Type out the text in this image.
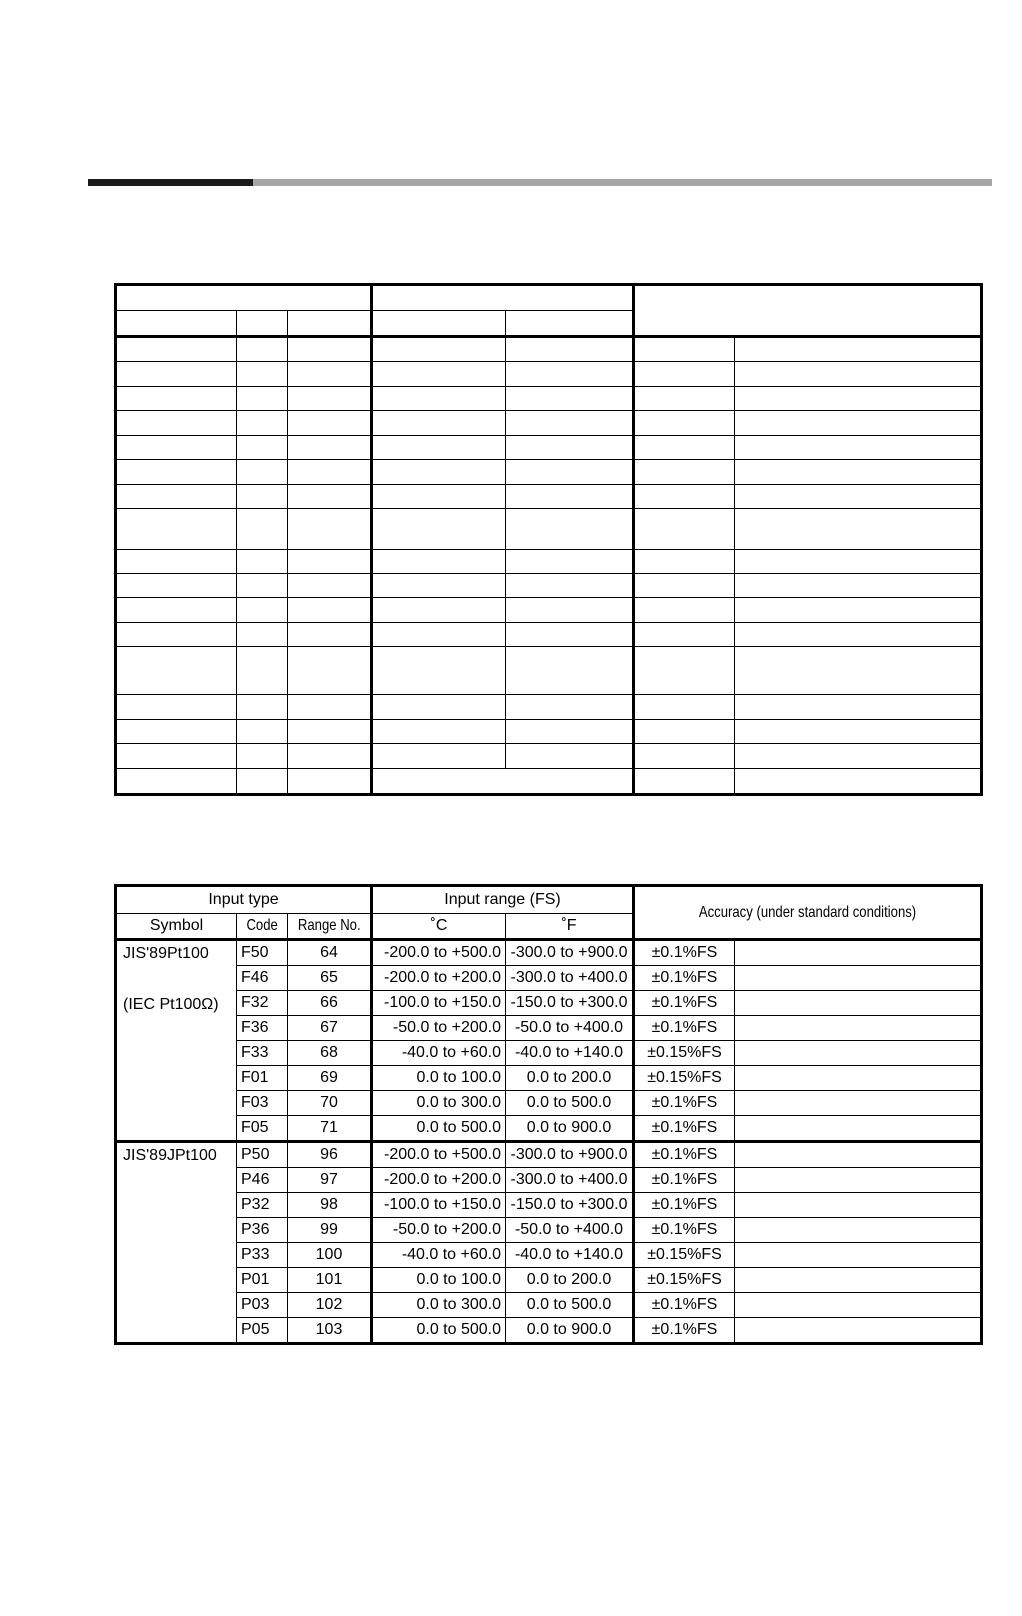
Input type			Input range (FS)		Accuracy (under standard conditions)	
Symbol	Code	Range No.	˚C	˚F		

JIS'89Pt100
(IEC Pt100Ω)	F50	64	-200.0 to +500.0	-300.0 to +900.0	±0.1%FS	
	F46	65	-200.0 to +200.0	-300.0 to +400.0	±0.1%FS	
	F32	66	-100.0 to +150.0	-150.0 to +300.0	±0.1%FS	
	F36	67	-50.0 to +200.0	-50.0 to +400.0	±0.1%FS	
	F33	68	-40.0 to +60.0	-40.0 to +140.0	±0.15%FS	
	F01	69	0.0 to 100.0	0.0 to 200.0	±0.15%FS	
	F03	70	0.0 to 300.0	0.0 to 500.0	±0.1%FS	
	F05	71	0.0 to 500.0	0.0 to 900.0	±0.1%FS	

JIS'89JPt100	P50	96	-200.0 to +500.0	-300.0 to +900.0	±0.1%FS	
	P46	97	-200.0 to +200.0	-300.0 to +400.0	±0.1%FS	
	P32	98	-100.0 to +150.0	-150.0 to +300.0	±0.1%FS	
	P36	99	-50.0 to +200.0	-50.0 to +400.0	±0.1%FS	
	P33	100	-40.0 to +60.0	-40.0 to +140.0	±0.15%FS	
	P01	101	0.0 to 100.0	0.0 to 200.0	±0.15%FS	
	P03	102	0.0 to 300.0	0.0 to 500.0	±0.1%FS	
	P05	103	0.0 to 500.0	0.0 to 900.0	±0.1%FS	
